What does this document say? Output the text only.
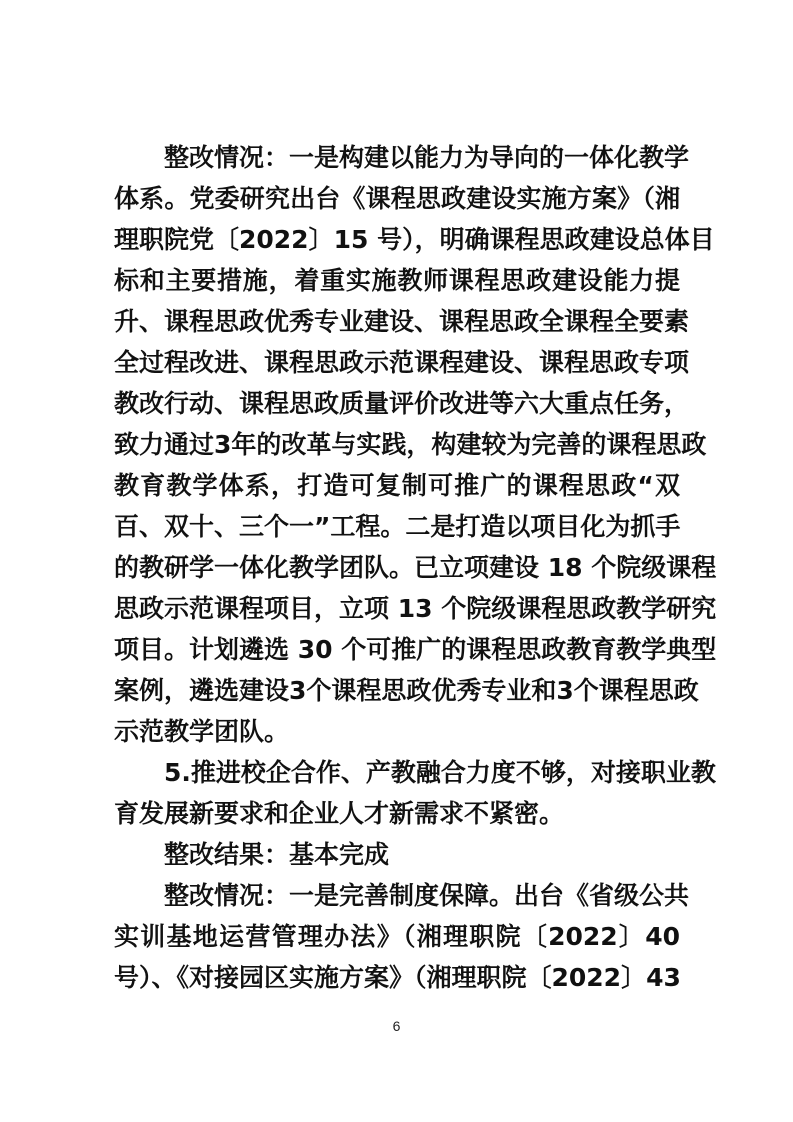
整改情况：一是构建以能力为导向的一体化教学
体系。党委研究出台《课程思政建设实施方案》（湘
理职院党〔2022〕15 号），明确课程思政建设总体目
标和主要措施，着重实施教师课程思政建设能力提
升、课程思政优秀专业建设、课程思政全课程全要素
全过程改进、课程思政示范课程建设、课程思政专项
教改行动、课程思政质量评价改进等六大重点任务，
致力通过3年的改革与实践，构建较为完善的课程思政
教育教学体系，打造可复制可推广的课程思政“双
百、双十、三个一”工程。二是打造以项目化为抓手
的教研学一体化教学团队。已立项建设 18 个院级课程
思政示范课程项目，立项 13 个院级课程思政教学研究
项目。计划遴选 30 个可推广的课程思政教育教学典型
案例，遴选建设3个课程思政优秀专业和3个课程思政
示范教学团队。
5.推进校企合作、产教融合力度不够，对接职业教
育发展新要求和企业人才新需求不紧密。
整改结果：基本完成
整改情况：一是完善制度保障。出台《省级公共
实训基地运营管理办法》（湘理职院〔2022〕40
号）、《对接园区实施方案》（湘理职院〔2022〕43
6
